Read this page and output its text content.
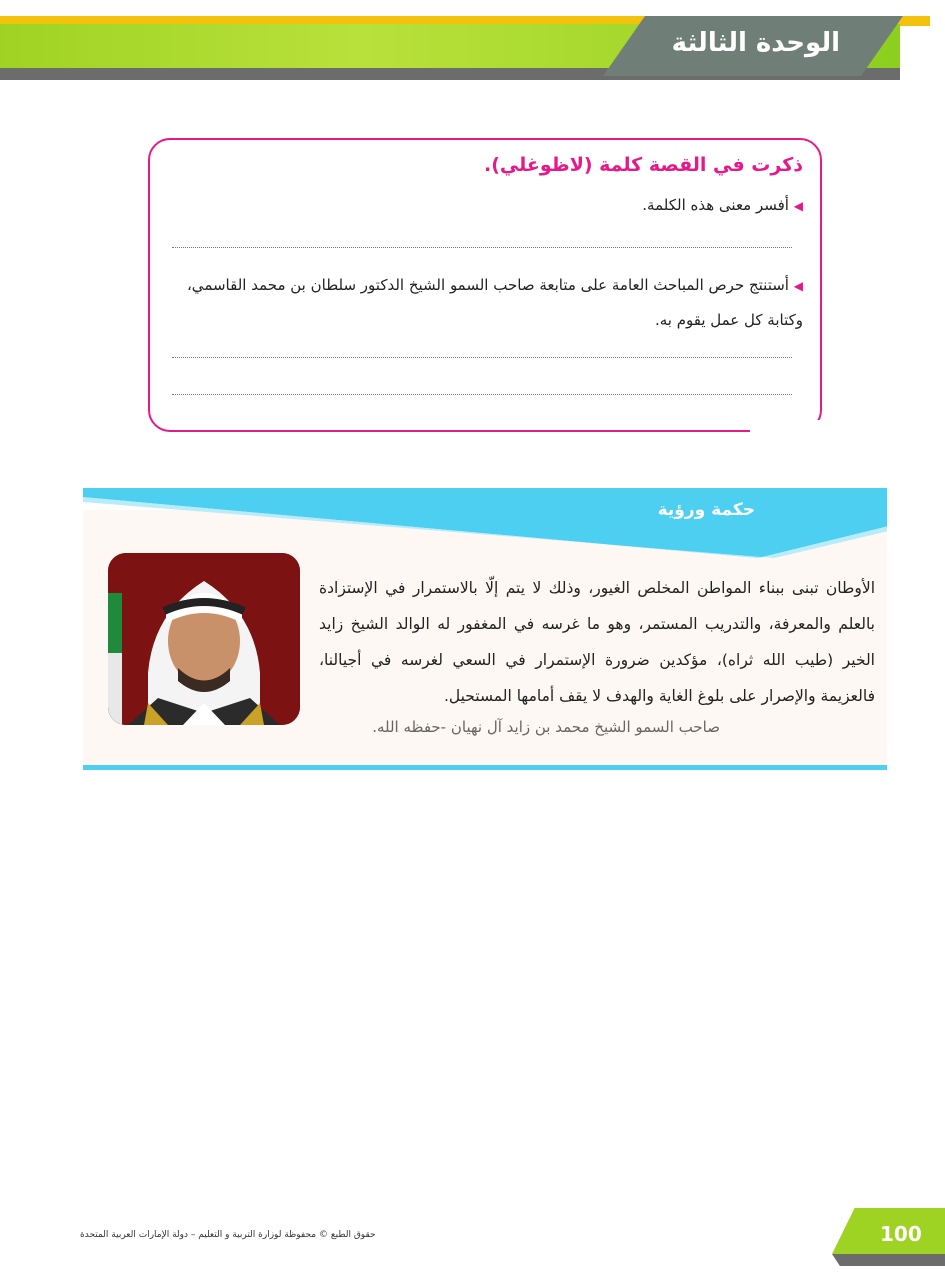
الوحدة الثالثة
ذكرت في القصة كلمة (لاظوغلي).
◀ أفسر معنى هذه الكلمة.
◀ أستنتج حرص المباحث العامة على متابعة صاحب السمو الشيخ الدكتور سلطان بن محمد القاسمي، وكتابة كل عمل يقوم به.
حكمة ورؤية
الأوطان تبنى ببناء المواطن المخلص الغيور، وذلك لا يتم إلّا بالاستمرار في الإستزادة بالعلم والمعرفة، والتدريب المستمر، وهو ما غرسه في المغفور له الوالد الشيخ زايد الخير (طيب الله ثراه)، مؤكدين ضرورة الإستمرار في السعي لغرسه في أجيالنا، فالعزيمة والإصرار على بلوغ الغاية والهدف لا يقف أمامها المستحيل.
صاحب السمو الشيخ محمد بن زايد آل نهيان -حفظه الله.
حقوق الطبع © محفوظة لوزارة التربية و التعليم – دولة الإمارات العربية المتحدة	100
